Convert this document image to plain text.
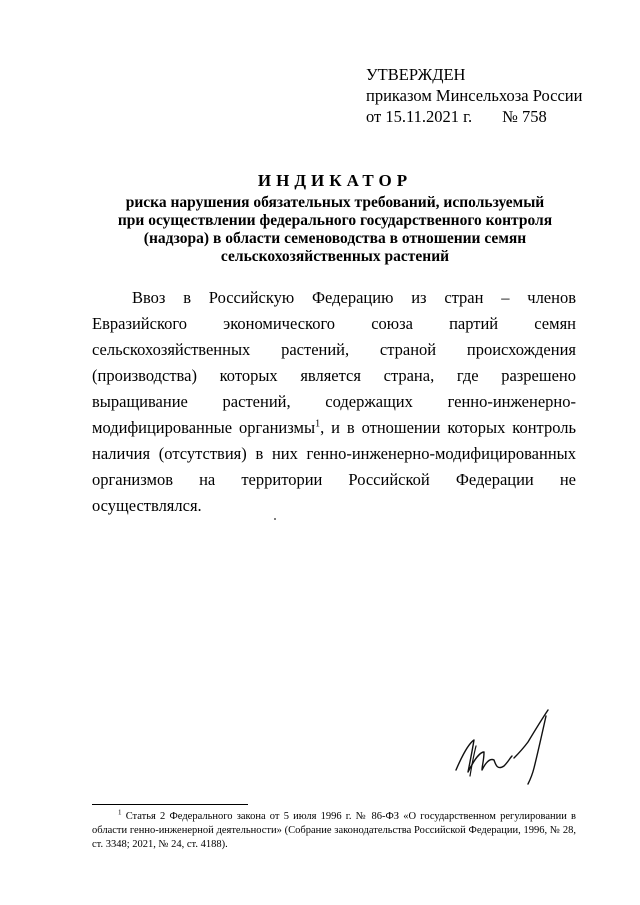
УТВЕРЖДЕН
приказом Минсельхоза России
от 15.11.2021 г. № 758
ИНДИКАТОР
риска нарушения обязательных требований, используемый
при осуществлении федерального государственного контроля
(надзора) в области семеноводства в отношении семян
сельскохозяйственных растений

Ввоз в Российскую Федерацию из стран – членов Евразийского экономического союза партий семян сельскохозяйственных растений, страной происхождения (производства) которых является страна, где разрешено выращивание растений, содержащих генно-инженерно-модифицированные организмы$^1$, и в отношении которых контроль наличия (отсутствия) в них генно-инженерно-модифицированных организмов на территории Российской Федерации не осуществлялся.

$^1$ Статья 2 Федерального закона от 5 июля 1996 г. № 86-ФЗ «О государственном регулировании в области генно-инженерной деятельности» (Собрание законодательства Российской Федерации, 1996, № 28, ст. 3348; 2021, № 24, ст. 4188).
